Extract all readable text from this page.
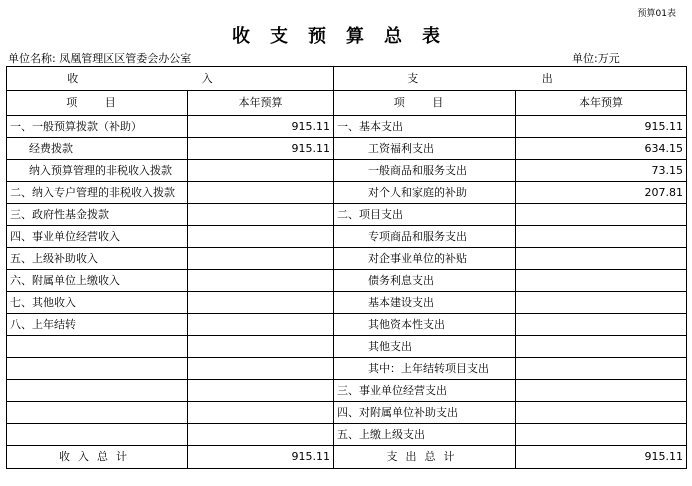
预算01表
收支预算总表
单位名称: 凤凰管理区区管委会办公室	单位:万元
收 入		支 出	
项 目	本年预算	项 目	本年预算
一、一般预算拨款（补助）	915.11	一、基本支出	915.11
经费拨款	915.11	工资福利支出	634.15
纳入预算管理的非税收入拨款		一般商品和服务支出	73.15
二、纳入专户管理的非税收入拨款		对个人和家庭的补助	207.81
三、政府性基金拨款		二、项目支出	
四、事业单位经营收入		专项商品和服务支出	
五、上级补助收入		对企事业单位的补贴	
六、附属单位上缴收入		债务利息支出	
七、其他收入		基本建设支出	
八、上年结转		其他资本性支出	
		其他支出	
		其中：上年结转项目支出	
		三、事业单位经营支出	
		四、对附属单位补助支出	
		五、上缴上级支出	
收入总计	915.11	支出总计	915.11
